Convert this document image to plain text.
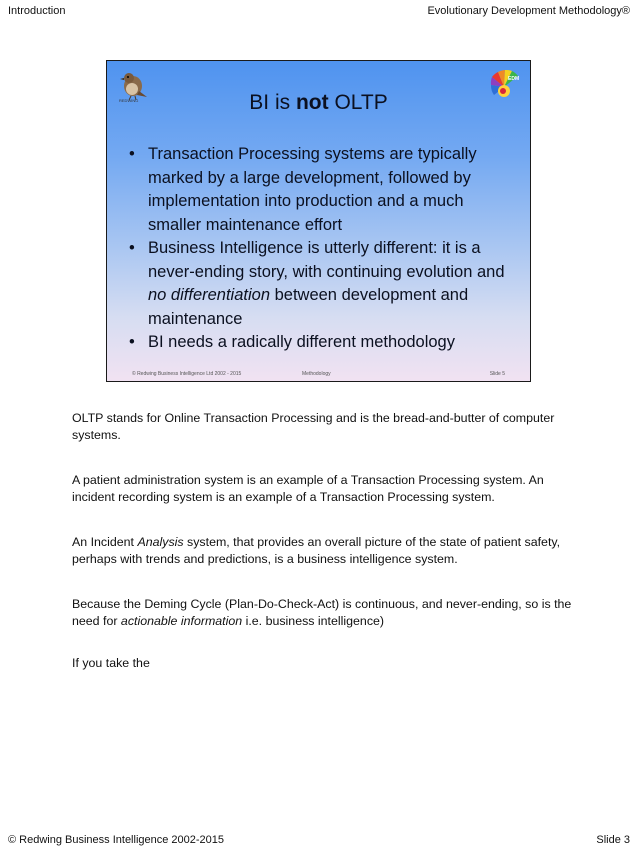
Introduction	Evolutionary Development Methodology®
REDWING
EDM
BI is not OLTP
• Transaction Processing systems are typically marked by a large development, followed by implementation into production and a much smaller maintenance effort
• Business Intelligence is utterly different: it is a never-ending story, with continuing evolution and no differentiation between development and maintenance
• BI needs a radically different methodology
© Redwing Business Intelligence Ltd 2002 - 2015	Methodology	Slide 5

OLTP stands for Online Transaction Processing and is the bread-and-butter of computer systems.

A patient administration system is an example of a Transaction Processing system. An incident recording system is an example of a Transaction Processing system.

An Incident Analysis system, that provides an overall picture of the state of patient safety, perhaps with trends and predictions, is a business intelligence system.

Because the Deming Cycle (Plan-Do-Check-Act) is continuous, and never-ending, so is the need for actionable information i.e. business intelligence)

If you take the

© Redwing Business Intelligence 2002-2015	Slide 3
